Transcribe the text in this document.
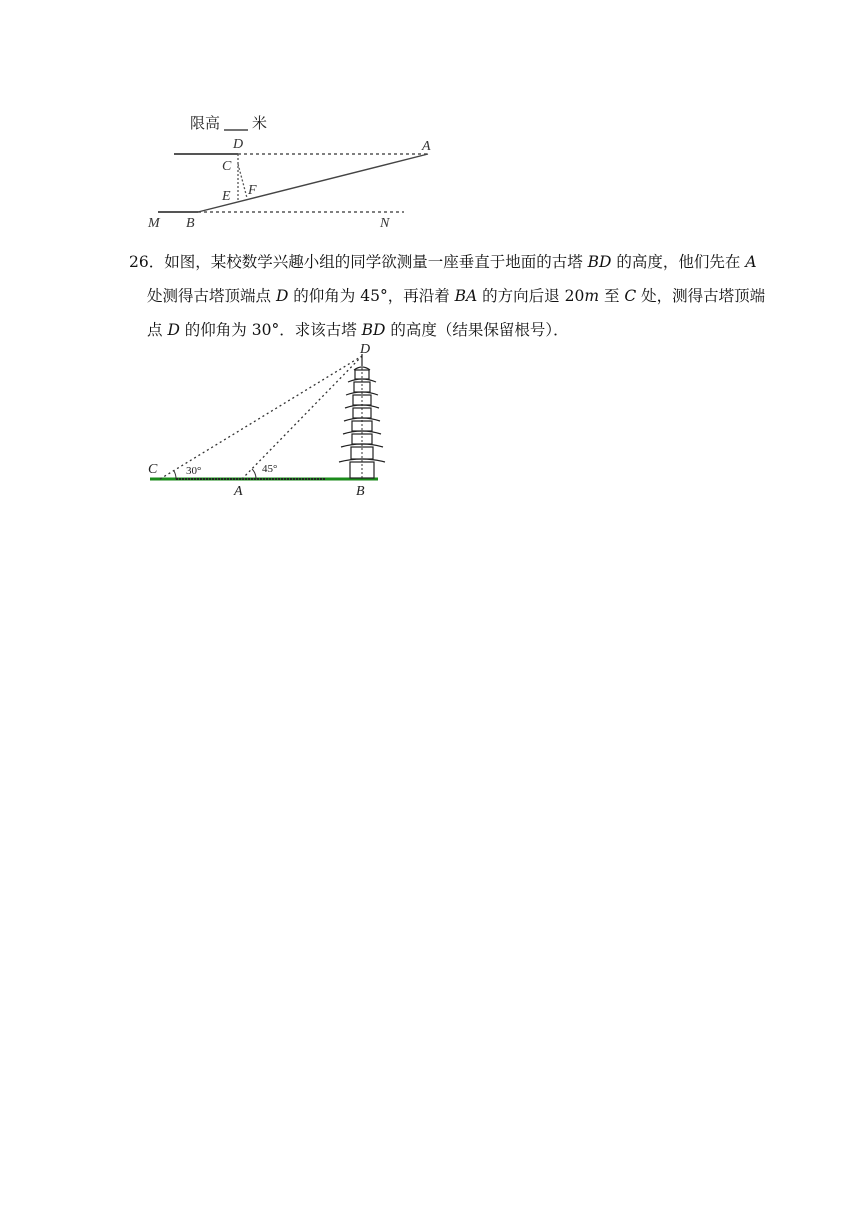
限高 米
D	A
C
E F
M B	N
26．如图，某校数学兴趣小组的同学欲测量一座垂直于地面的古塔 BD 的高度，他们先在 A
处测得古塔顶端点 D 的仰角为 45°，再沿着 BA 的方向后退 20m 至 C 处，测得古塔顶端
点 D 的仰角为 30°．求该古塔 BD 的高度（结果保留根号）．
D
C
A	B
30°	45°
